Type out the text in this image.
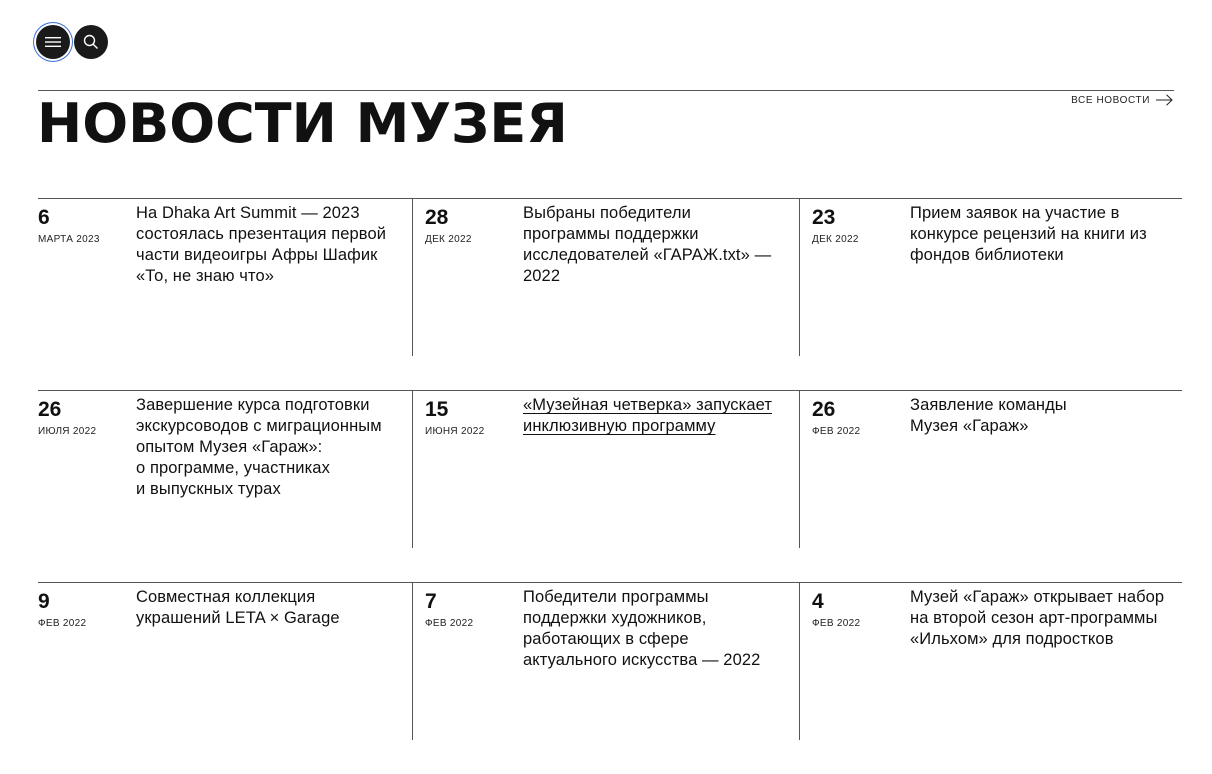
НОВОСТИ МУЗЕЯ	ВСЕ НОВОСТИ
6
МАРТА 2023
На Dhaka Art Summit — 2023
состоялась презентация первой
части видеоигры Афры Шафик
«То, не знаю что»
28
ДЕК 2022
Выбраны победители
программы поддержки
исследователей «ГАРАЖ.txt» —
2022
23
ДЕК 2022
Прием заявок на участие в
конкурсе рецензий на книги из
фондов библиотеки
26
ИЮЛЯ 2022
Завершение курса подготовки
экскурсоводов с миграционным
опытом Музея «Гараж»:
о программе, участниках
и выпускных турах
15
ИЮНЯ 2022
«Музейная четверка» запускает
инклюзивную программу
26
ФЕВ 2022
Заявление команды
Музея «Гараж»
9
ФЕВ 2022
Совместная коллекция
украшений LETA × Garage
7
ФЕВ 2022
Победители программы
поддержки художников,
работающих в сфере
актуального искусства — 2022
4
ФЕВ 2022
Музей «Гараж» открывает набор
на второй сезон арт-программы
«Ильхом» для подростков
